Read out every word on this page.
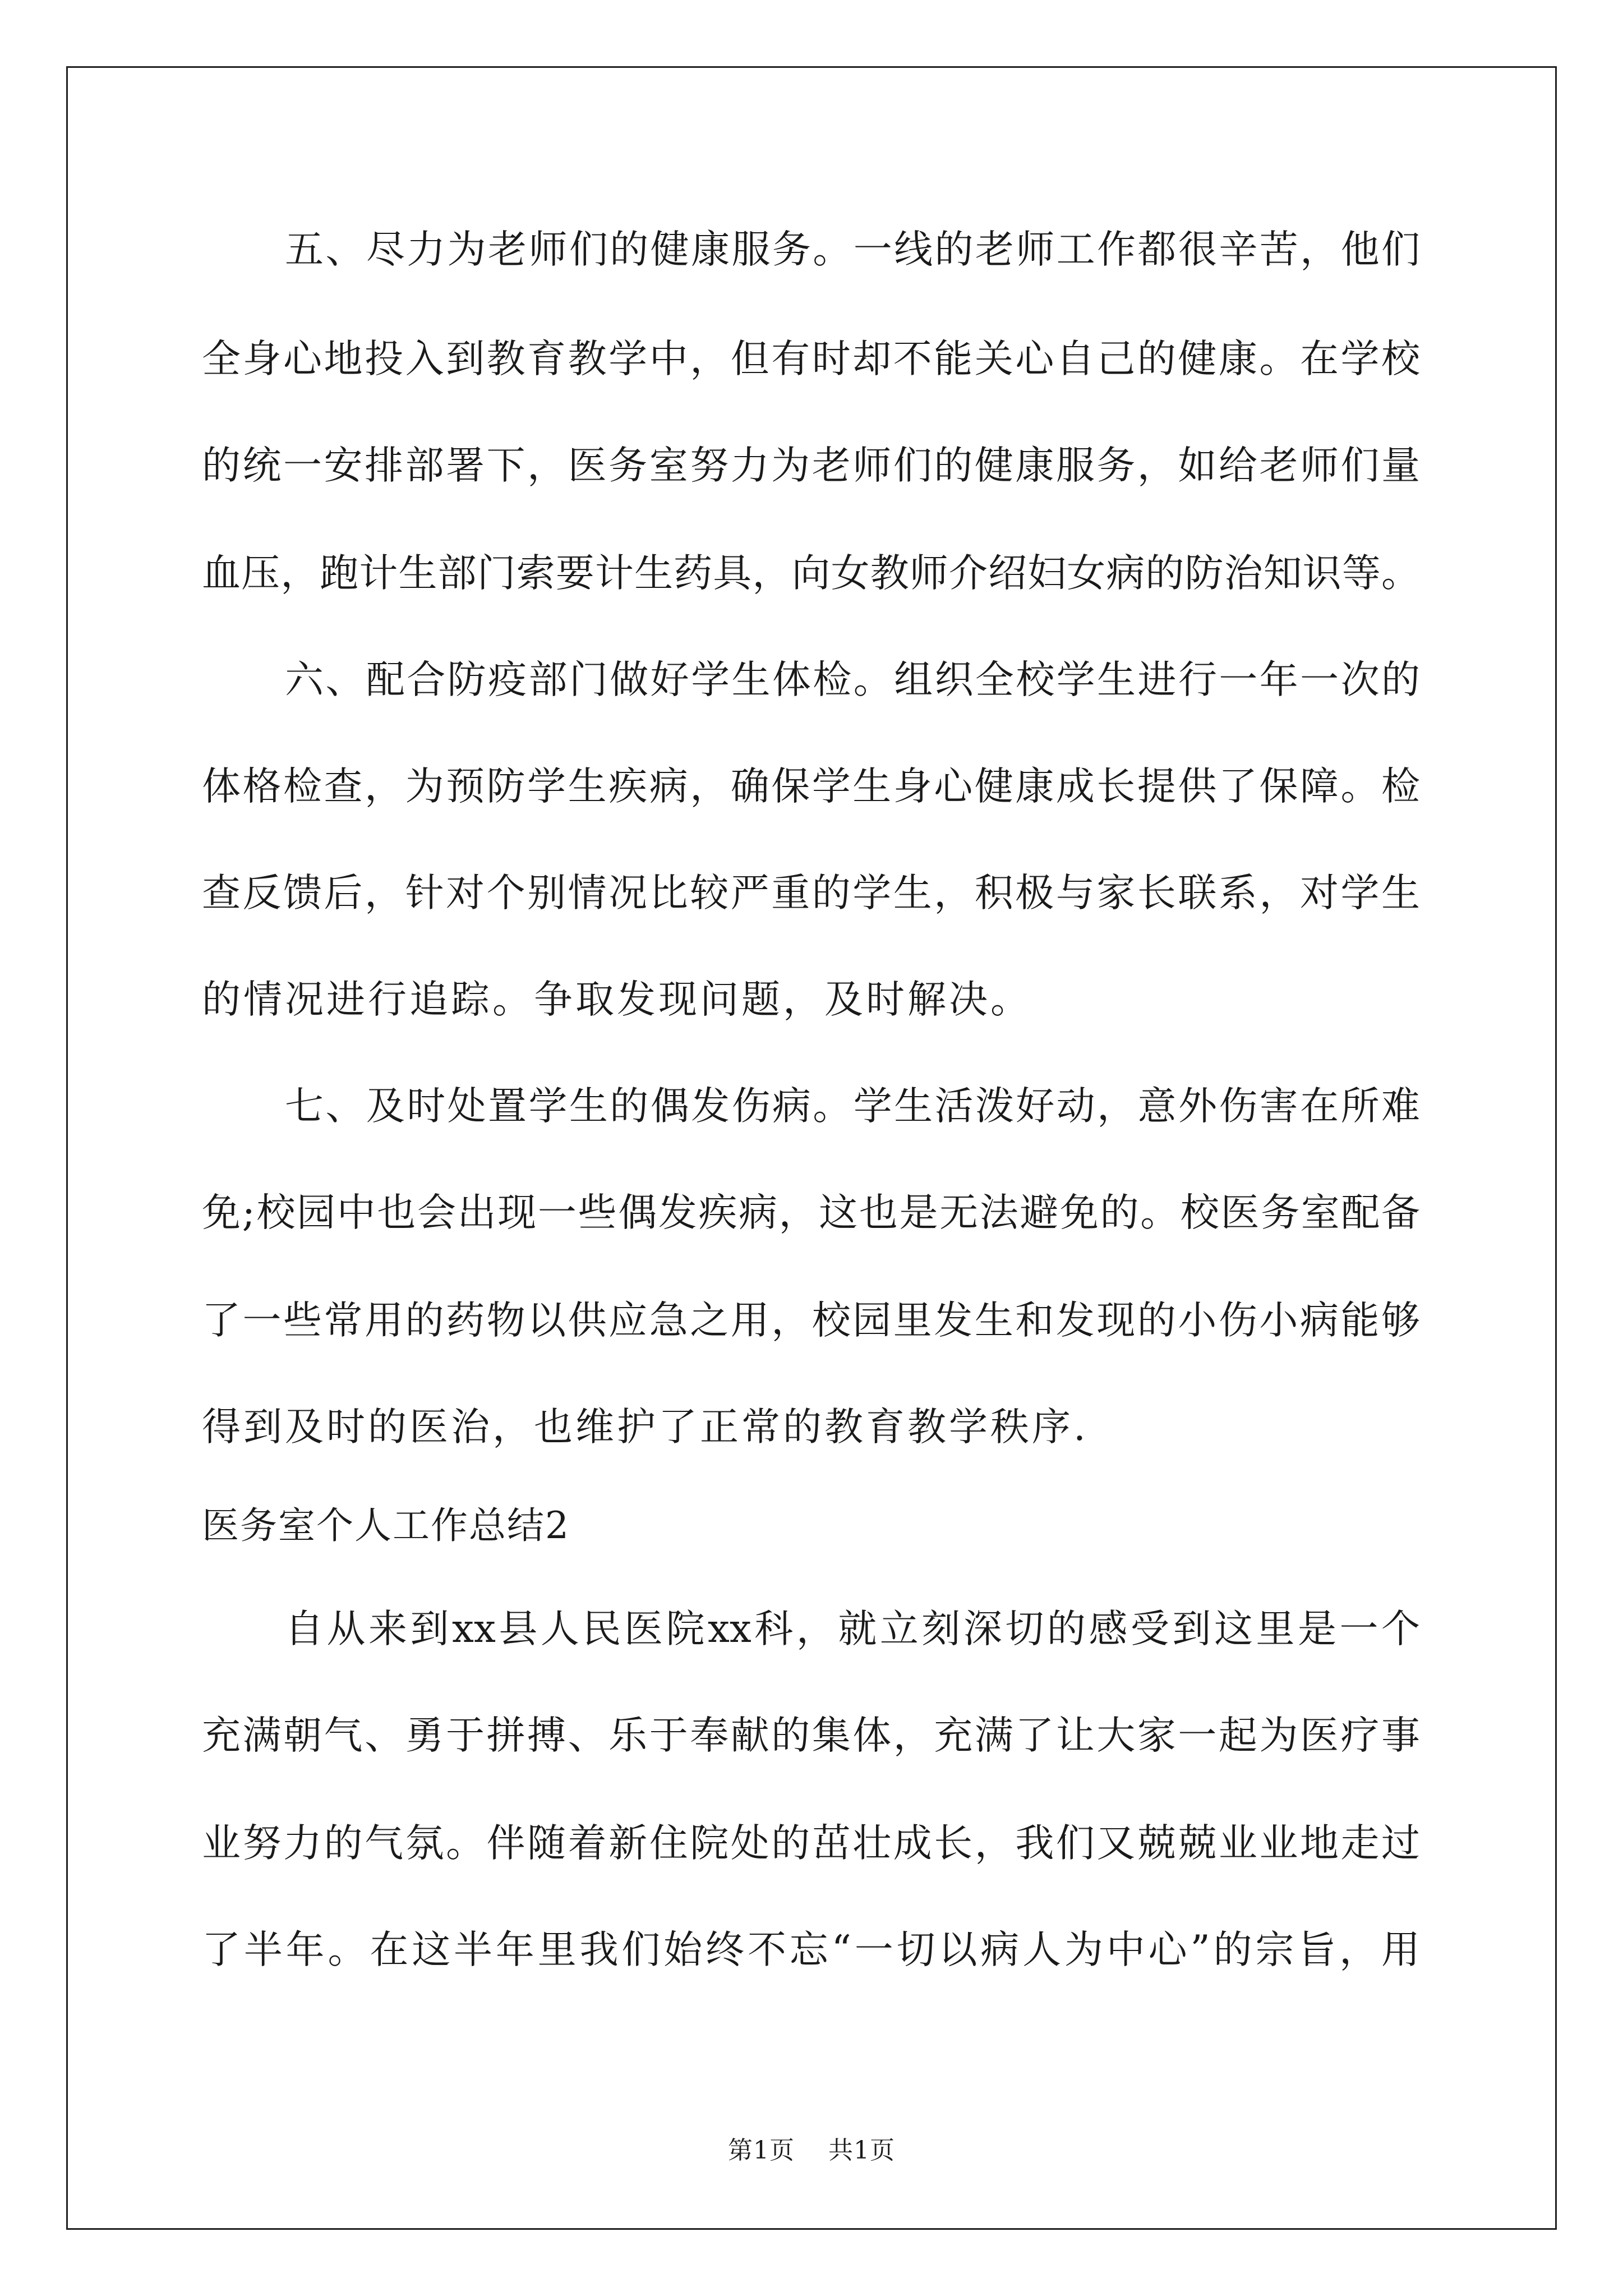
五、尽力为老师们的健康服务。一线的老师工作都很辛苦，他们
全身心地投入到教育教学中，但有时却不能关心自己的健康。在学校
的统一安排部署下，医务室努力为老师们的健康服务，如给老师们量
血压，跑计生部门索要计生药具，向女教师介绍妇女病的防治知识等。
六、配合防疫部门做好学生体检。组织全校学生进行一年一次的
体格检查，为预防学生疾病，确保学生身心健康成长提供了保障。检
查反馈后，针对个别情况比较严重的学生，积极与家长联系，对学生
的情况进行追踪。争取发现问题，及时解决。
七、及时处置学生的偶发伤病。学生活泼好动，意外伤害在所难
免;校园中也会出现一些偶发疾病，这也是无法避免的。校医务室配备
了一些常用的药物以供应急之用，校园里发生和发现的小伤小病能够
得到及时的医治，也维护了正常的教育教学秩序.
医务室个人工作总结2
自从来到xx县人民医院xx科，就立刻深切的感受到这里是一个
充满朝气、勇于拼搏、乐于奉献的集体，充满了让大家一起为医疗事
业努力的气氛。伴随着新住院处的茁壮成长，我们又兢兢业业地走过
了半年。在这半年里我们始终不忘“一切以病人为中心”的宗旨，用
第1页 共1页
